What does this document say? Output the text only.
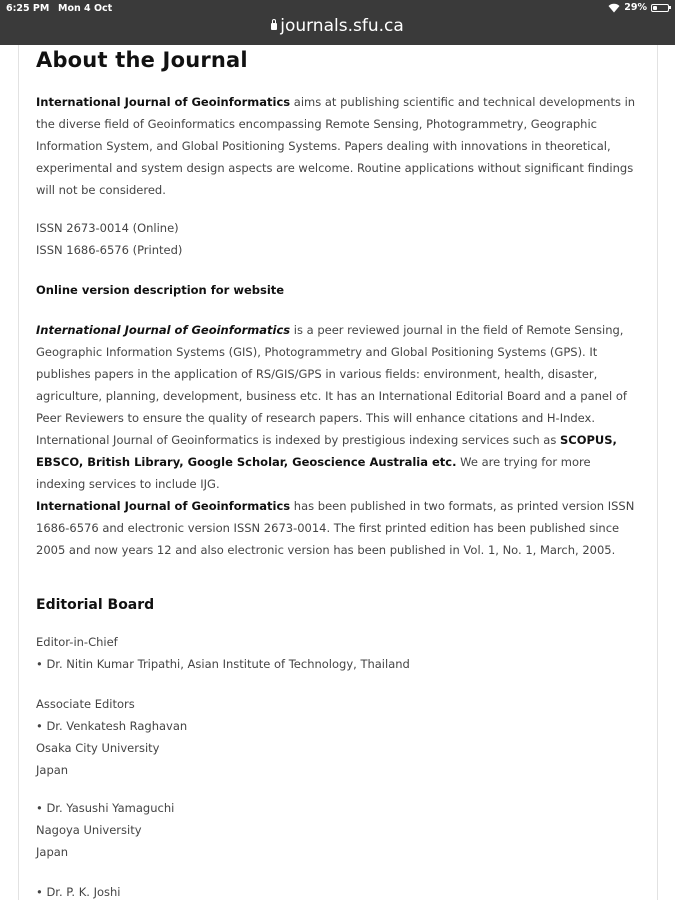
6:25 PM Mon 4 Oct	29%
journals.sfu.ca
About the Journal

International Journal of Geoinformatics aims at publishing scientific and technical developments in the diverse field of Geoinformatics encompassing Remote Sensing, Photogrammetry, Geographic Information System, and Global Positioning Systems. Papers dealing with innovations in theoretical, experimental and system design aspects are welcome. Routine applications without significant findings will not be considered.

ISSN 2673-0014 (Online)
ISSN 1686-6576 (Printed)
Online version description for website

International Journal of Geoinformatics is a peer reviewed journal in the field of Remote Sensing, Geographic Information Systems (GIS), Photogrammetry and Global Positioning Systems (GPS). It publishes papers in the application of RS/GIS/GPS in various fields: environment, health, disaster, agriculture, planning, development, business etc. It has an International Editorial Board and a panel of Peer Reviewers to ensure the quality of research papers. This will enhance citations and H-Index. International Journal of Geoinformatics is indexed by prestigious indexing services such as SCOPUS, EBSCO, British Library, Google Scholar, Geoscience Australia etc. We are trying for more indexing services to include IJG.

International Journal of Geoinformatics has been published in two formats, as printed version ISSN 1686-6576 and electronic version ISSN 2673-0014. The first printed edition has been published since 2005 and now years 12 and also electronic version has been published in Vol. 1, No. 1, March, 2005.

Editorial Board
Editor-in-Chief
• Dr. Nitin Kumar Tripathi, Asian Institute of Technology, Thailand
Associate Editors
• Dr. Venkatesh Raghavan
Osaka City University
Japan
• Dr. Yasushi Yamaguchi
Nagoya University
Japan
• Dr. P. K. Joshi
